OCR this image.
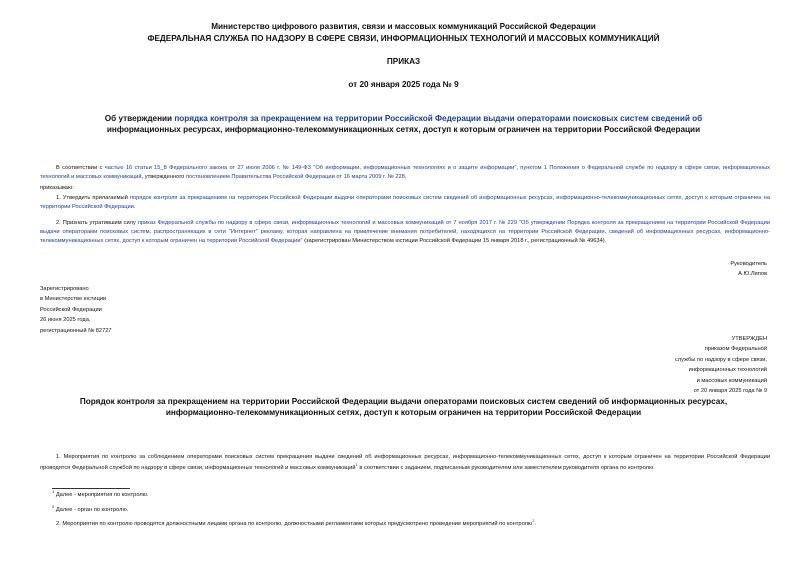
Министерство цифрового развития, связи и массовых коммуникаций Российской Федерации
ФЕДЕРАЛЬНАЯ СЛУЖБА ПО НАДЗОРУ В СФЕРЕ СВЯЗИ, ИНФОРМАЦИОННЫХ ТЕХНОЛОГИЙ И МАССОВЫХ КОММУНИКАЦИЙ
ПРИКАЗ
от 20 января 2025 года № 9
Об утверждении порядка контроля за прекращением на территории Российской Федерации выдачи операторами поисковых систем сведений об
информационных ресурсах, информационно-телекоммуникационных сетях, доступ к которым ограничен на территории Российской Федерации
В соответствии с частью 16 статьи 15_8 Федерального закона от 27 июля 2006 г. № 149-ФЗ "Об информации, информационных технологиях и о защите информации", пунктом 1 Положения о Федеральной службе по надзору в сфере связи, информационных технологий и массовых коммуникаций, утвержденного постановлением Правительства Российской Федерации от 16 марта 2009 г. № 228,
приказываю:
1. Утвердить прилагаемый порядок контроля за прекращением на территории Российской Федерации выдачи операторами поисковых систем сведений об информационных ресурсах, информационно-телекоммуникационных сетях, доступ к которым ограничен на территории Российской Федерации.
2. Признать утратившим силу приказ Федеральной службы по надзору в сфере связи, информационных технологий и массовых коммуникаций от 7 ноября 2017 г. № 229 "Об утверждении Порядка контроля за прекращением на территории Российской Федерации выдачи операторами поисковых систем, распространяющих в сети "Интернет" рекламу, которая направлена на привлечение внимания потребителей, находящихся на территории Российской Федерации, сведений об информационных ресурсах, информационно-телекоммуникационных сетях, доступ к которым ограничен на территории Российской Федерации" (зарегистрирован Министерством юстиции Российской Федерации 15 января 2018 г., регистрационный № 49634).
Руководитель
А.Ю.Липов
Зарегистрировано
в Министерстве юстиции
Российской Федерации
26 июня 2025 года,
регистрационный № 82727
УТВЕРЖДЕН
приказом Федеральной
службы по надзору в сфере связи,
информационных технологий
и массовых коммуникаций
от 20 января 2025 года № 9
Порядок контроля за прекращением на территории Российской Федерации выдачи операторами поисковых систем сведений об информационных ресурсах,
информационно-телекоммуникационных сетях, доступ к которым ограничен на территории Российской Федерации
1. Мероприятия по контролю за соблюдением операторами поисковых систем прекращения выдачи сведений об информационных ресурсах, информационно-телекоммуникационных сетях, доступ к которым ограничен на территории Российской Федерации проводятся Федеральной службой по надзору в сфере связи, информационных технологий и массовых коммуникаций$^1$ в соответствии с заданием, подписанным руководителем или заместителем руководителя органа по контролю.
$^1$ Далее - мероприятия по контролю.
$^2$ Далее - орган по контролю.
2. Мероприятия по контролю проводятся должностными лицами органа по контролю, должностными регламентами которых предусмотрено проведение мероприятий по контролю$^2$.
